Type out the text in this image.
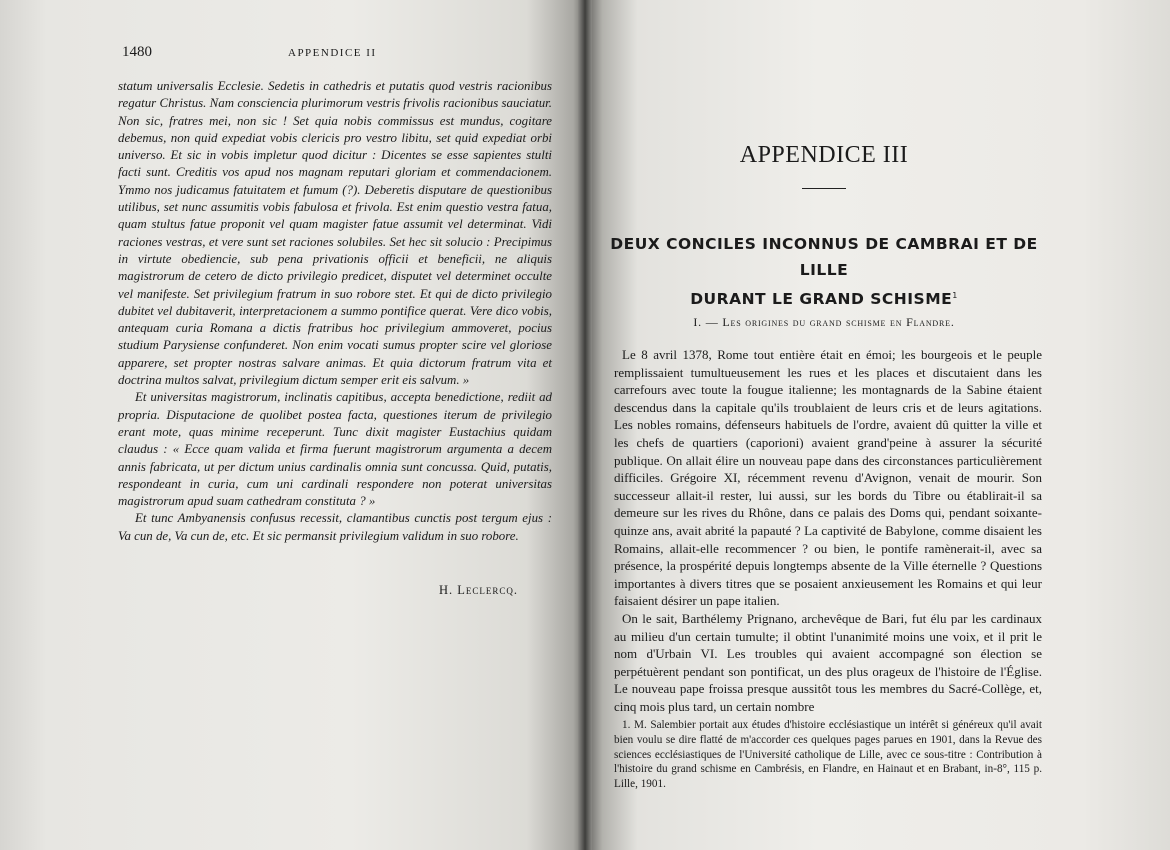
1480	APPENDICE II

statum universalis Ecclesie. Sedetis in cathedris et putatis quod vestris racionibus regatur Christus. Nam consciencia plurimorum vestris frivolis racionibus sauciatur. Non sic, fratres mei, non sic ! Set quia nobis commissus est mundus, cogitare debemus, non quid expediat vobis clericis pro vestro libitu, set quid expediat orbi universo. Et sic in vobis impletur quod dicitur : Dicentes se esse sapientes stulti facti sunt. Creditis vos apud nos magnam reputari gloriam et commendacionem. Ymmo nos judicamus fatuitatem et fumum (?). Deberetis disputare de questionibus utilibus, set nunc assumitis vobis fabulosa et frivola. Est enim questio vestra fatua, quam stultus fatue proponit vel quam magister fatue assumit vel determinat. Vidi raciones vestras, et vere sunt set raciones solubiles. Set hec sit solucio : Precipimus in virtute obediencie, sub pena privationis officii et beneficii, ne aliquis magistrorum de cetero de dicto privilegio predicet, disputet vel determinet occulte vel manifeste. Set privilegium fratrum in suo robore stet. Et qui de dicto privilegio dubitet vel dubitaverit, interpretacionem a summo pontifice querat. Vere dico vobis, antequam curia Romana a dictis fratribus hoc privilegium ammoveret, pocius studium Parysiense confunderet. Non enim vocati sumus propter scire vel gloriose apparere, set propter nostras salvare animas. Et quia dictorum fratrum vita et doctrina multos salvat, privilegium dictum semper erit eis salvum. »

Et universitas magistrorum, inclinatis capitibus, accepta benedictione, rediit ad propria. Disputacione de quolibet postea facta, questiones iterum de privilegio erant mote, quas minime receperunt. Tunc dixit magister Eustachius quidam claudus : « Ecce quam valida et firma fuerunt magistrorum argumenta a decem annis fabricata, ut per dictum unius cardinalis omnia sunt concussa. Quid, putatis, respondeant in curia, cum uni cardinali respondere non poterat universitas magistrorum apud suam cathedram constituta ? »

Et tunc Ambyanensis confusus recessit, clamantibus cunctis post tergum ejus : Va cun de, Va cun de, etc. Et sic permansit privilegium validum in suo robore.

H. Leclercq.
APPENDICE III
DEUX CONCILES INCONNUS DE CAMBRAI ET DE LILLE
DURANT LE GRAND SCHISME$^1$
I. — Les origines du grand schisme en Flandre.

Le 8 avril 1378, Rome tout entière était en émoi; les bourgeois et le peuple remplissaient tumultueusement les rues et les places et discutaient dans les carrefours avec toute la fougue italienne; les montagnards de la Sabine étaient descendus dans la capitale qu'ils troublaient de leurs cris et de leurs agitations. Les nobles romains, défenseurs habituels de l'ordre, avaient dû quitter la ville et les chefs de quartiers (caporioni) avaient grand'peine à assurer la sécurité publique. On allait élire un nouveau pape dans des circonstances particulièrement difficiles. Grégoire XI, récemment revenu d'Avignon, venait de mourir. Son successeur allait-il rester, lui aussi, sur les bords du Tibre ou établirait-il sa demeure sur les rives du Rhône, dans ce palais des Doms qui, pendant soixante-quinze ans, avait abrité la papauté ? La captivité de Babylone, comme disaient les Romains, allait-elle recommencer ? ou bien, le pontife ramènerait-il, avec sa présence, la prospérité depuis longtemps absente de la Ville éternelle ? Questions importantes à divers titres que se posaient anxieusement les Romains et qui leur faisaient désirer un pape italien.

On le sait, Barthélemy Prignano, archevêque de Bari, fut élu par les cardinaux au milieu d'un certain tumulte; il obtint l'unanimité moins une voix, et il prit le nom d'Urbain VI. Les troubles qui avaient accompagné son élection se perpétuèrent pendant son pontificat, un des plus orageux de l'histoire de l'Église. Le nouveau pape froissa presque aussitôt tous les membres du Sacré-Collège, et, cinq mois plus tard, un certain nombre

1. M. Salembier portait aux études d'histoire ecclésiastique un intérêt si généreux qu'il avait bien voulu se dire flatté de m'accorder ces quelques pages parues en 1901, dans la Revue des sciences ecclésiastiques de l'Université catholique de Lille, avec ce sous-titre : Contribution à l'histoire du grand schisme en Cambrésis, en Flandre, en Hainaut et en Brabant, in-8°, 115 p. Lille, 1901.
